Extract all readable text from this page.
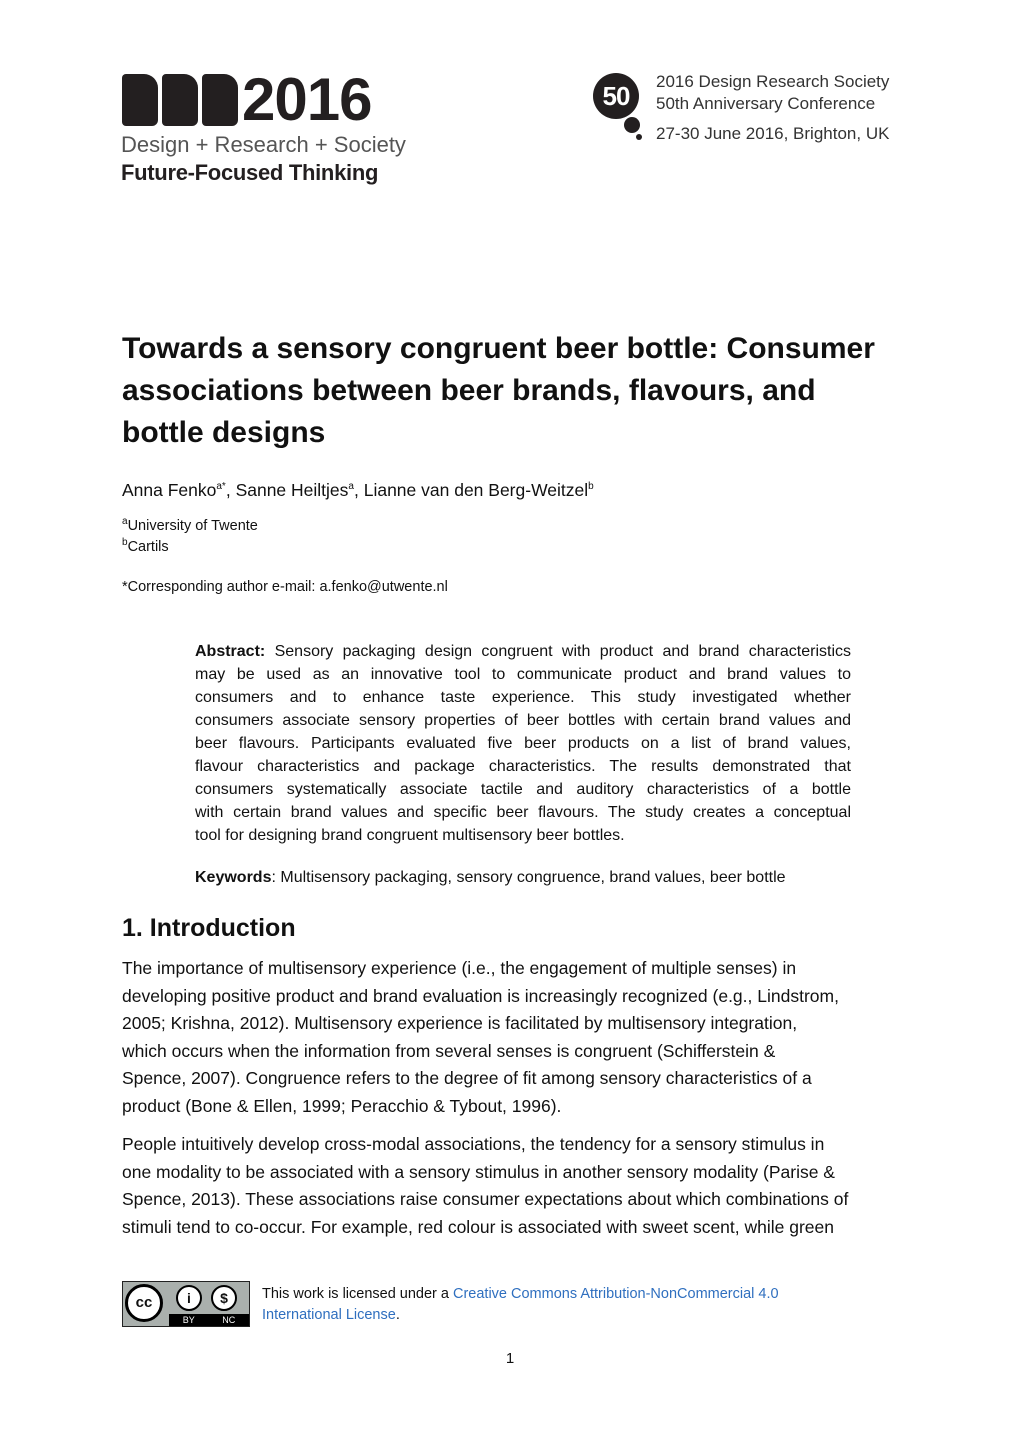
2016
Design + Research + Society
Future-Focused Thinking
50	2016 Design Research Society
50th Anniversary Conference
27-30 June 2016, Brighton, UK
Towards a sensory congruent beer bottle: Consumer
associations between beer brands, flavours, and
bottle designs
Anna Fenko$^{a*}$, Sanne Heiltjes$^a$, Lianne van den Berg-Weitzel$^b$
$^a$University of Twente
$^b$Cartils
*Corresponding author e-mail: a.fenko@utwente.nl
Abstract: Sensory packaging design congruent with product and brand characteristics
may be used as an innovative tool to communicate product and brand values to
consumers and to enhance taste experience. This study investigated whether
consumers associate sensory properties of beer bottles with certain brand values and
beer flavours. Participants evaluated five beer products on a list of brand values,
flavour characteristics and package characteristics. The results demonstrated that
consumers systematically associate tactile and auditory characteristics of a bottle
with certain brand values and specific beer flavours. The study creates a conceptual
tool for designing brand congruent multisensory beer bottles.
Keywords: Multisensory packaging, sensory congruence, brand values, beer bottle
1. Introduction
The importance of multisensory experience (i.e., the engagement of multiple senses) in
developing positive product and brand evaluation is increasingly recognized (e.g., Lindstrom,
2005; Krishna, 2012). Multisensory experience is facilitated by multisensory integration,
which occurs when the information from several senses is congruent (Schifferstein &
Spence, 2007). Congruence refers to the degree of fit among sensory characteristics of a
product (Bone & Ellen, 1999; Peracchio & Tybout, 1996).
People intuitively develop cross-modal associations, the tendency for a sensory stimulus in
one modality to be associated with a sensory stimulus in another sensory modality (Parise &
Spence, 2013). These associations raise consumer expectations about which combinations of
stimuli tend to co-occur. For example, red colour is associated with sweet scent, while green
cc	i	$
BY	NC
This work is licensed under a Creative Commons Attribution-NonCommercial 4.0
International License.
1
